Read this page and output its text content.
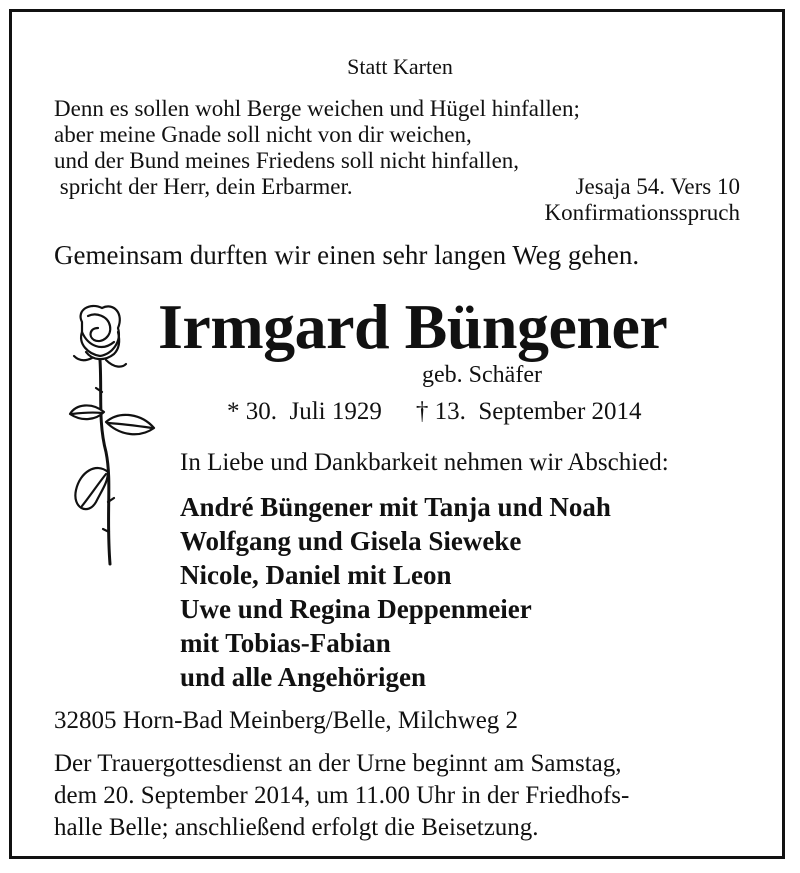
Statt Karten
Denn es sollen wohl Berge weichen und Hügel hinfallen;
aber meine Gnade soll nicht von dir weichen,
und der Bund meines Friedens soll nicht hinfallen,
spricht der Herr, dein Erbarmer.	Jesaja 54. Vers 10
Konfirmationsspruch
Gemeinsam durften wir einen sehr langen Weg gehen.
Irmgard Büngener
geb. Schäfer
* 30.  Juli 1929 † 13.  September 2014
In Liebe und Dankbarkeit nehmen wir Abschied:
André Büngener mit Tanja und Noah
Wolfgang und Gisela Sieweke
Nicole, Daniel mit Leon
Uwe und Regina Deppenmeier
mit Tobias-Fabian
und alle Angehörigen
32805 Horn-Bad Meinberg/Belle, Milchweg 2
Der Trauergottesdienst an der Urne beginnt am Samstag,
dem 20. September 2014, um 11.00 Uhr in der Friedhofs-
halle Belle; anschließend erfolgt die Beisetzung.
